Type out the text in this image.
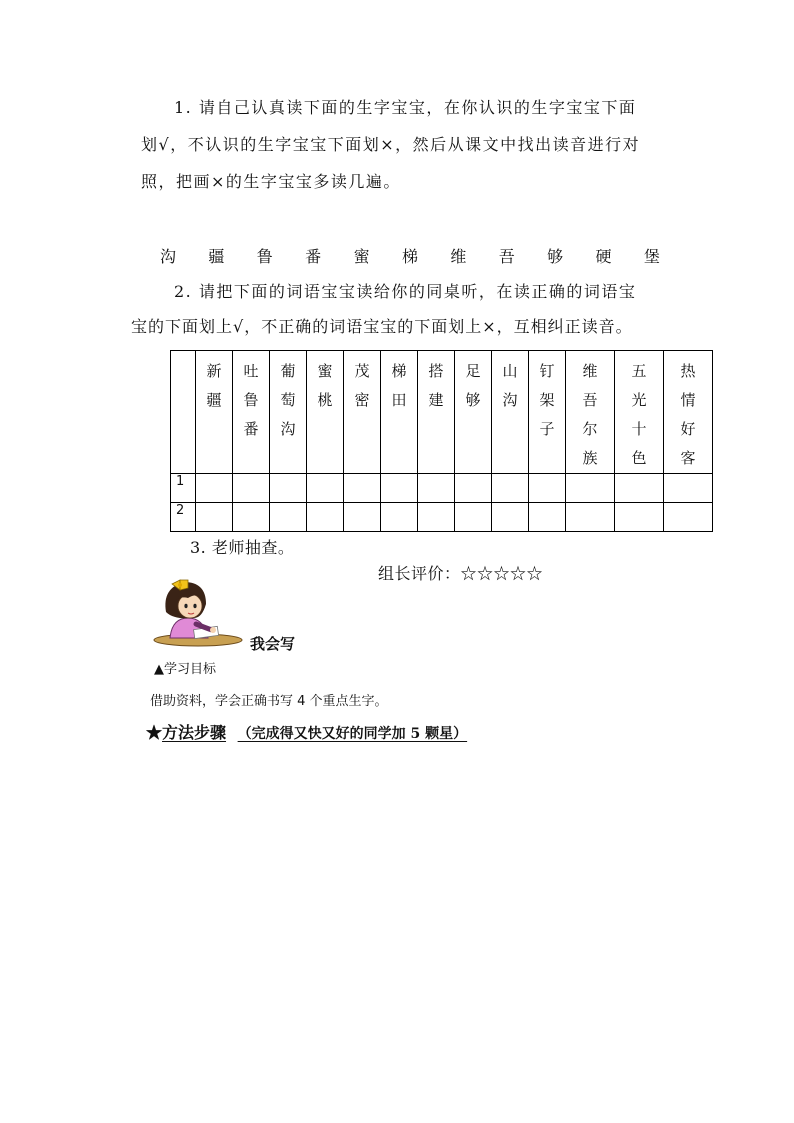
1. 请自己认真读下面的生字宝宝，在你认识的生字宝宝下面
划√，不认识的生字宝宝下面划×，然后从课文中找出读音进行对
照，把画×的生字宝宝多读几遍。
沟 疆 鲁 番 蜜 梯 维 吾 够 硬 堡
2. 请把下面的词语宝宝读给你的同桌听，在读正确的词语宝
宝的下面划上√，不正确的词语宝宝的下面划上×，互相纠正读音。
	新疆	吐鲁番	葡萄沟	蜜桃	茂密	梯田	搭建	足够	山沟	钉架子	维吾尔族	五光十色	热情好客
1													
2													
3. 老师抽查。
组长评价：☆☆☆☆☆
我会写
▲学习目标
借助资料，学会正确书写 4 个重点生字。
★方法步骤 （完成得又快又好的同学加 5 颗星）
